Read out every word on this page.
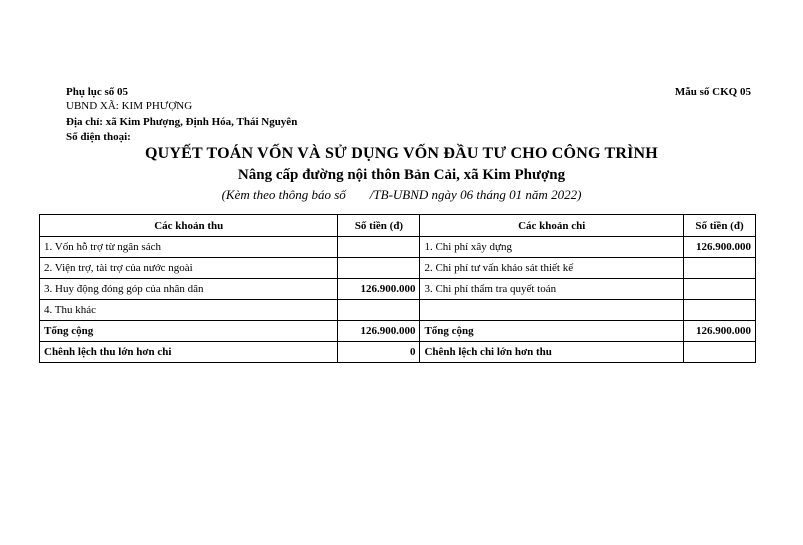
Phụ lục số 05	Mẫu số CKQ 05
UBND XÃ: KIM PHƯỢNG
Địa chỉ: xã Kim Phượng, Định Hóa, Thái Nguyên
Số điện thoại:
QUYẾT TOÁN VỐN VÀ SỬ DỤNG VỐN ĐẦU TƯ CHO CÔNG TRÌNH
Nâng cấp đường nội thôn Bản Cải, xã Kim Phượng
(Kèm theo thông báo số /TB-UBND ngày 06 tháng 01 năm 2022)
Các khoản thu	Số tiền (đ)	Các khoản chi	Số tiền (đ)
1. Vốn hỗ trợ từ ngân sách		1. Chi phí xây dựng	126.900.000
2. Viện trợ, tài trợ của nước ngoài		2. Chi phí tư vấn khảo sát thiết kế	
3. Huy động đóng góp của nhân dân	126.900.000	3. Chi phí thẩm tra quyết toán	
4. Thu khác			
Tổng cộng	126.900.000	Tổng cộng	126.900.000
Chênh lệch thu lớn hơn chi	0	Chênh lệch chi lớn hơn thu	
